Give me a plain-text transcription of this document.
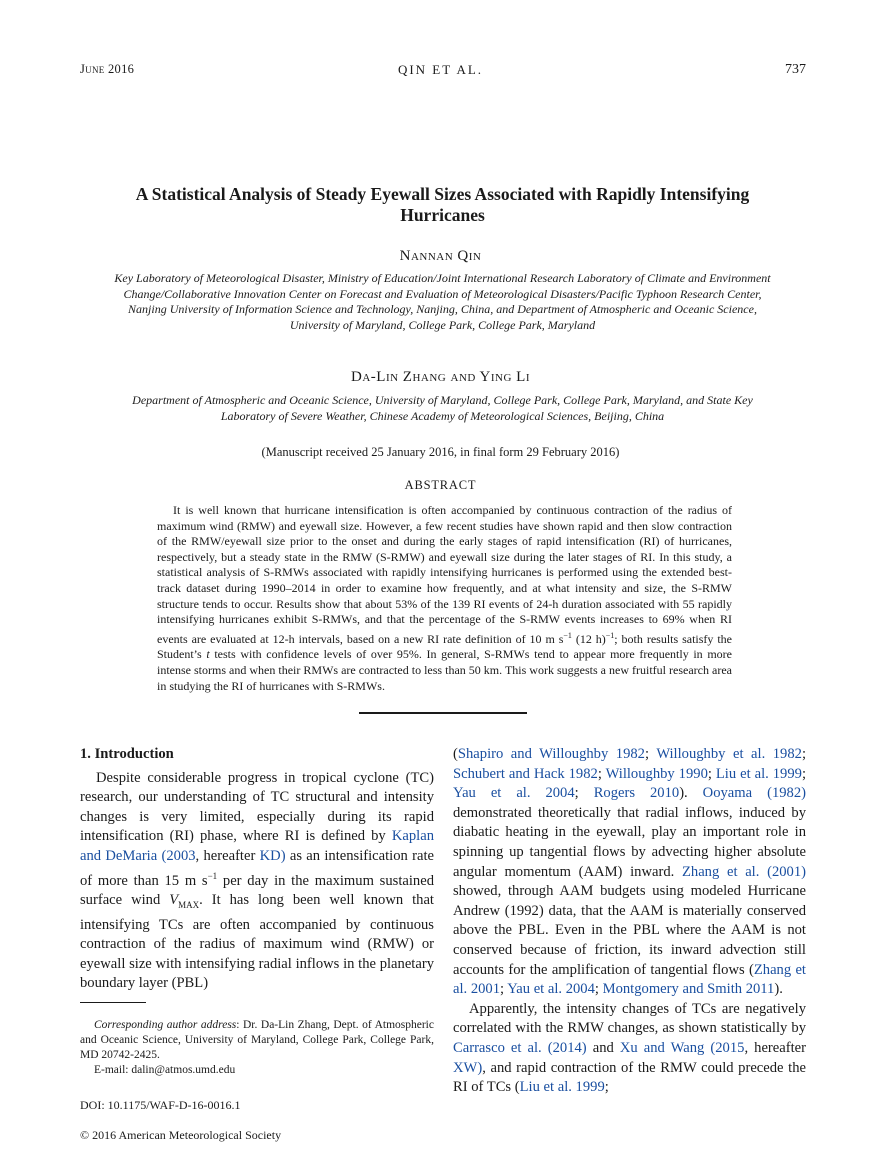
June 2016	QIN ET AL.	737
A Statistical Analysis of Steady Eyewall Sizes Associated with Rapidly Intensifying Hurricanes
Nannan Qin
Key Laboratory of Meteorological Disaster, Ministry of Education/Joint International Research Laboratory of Climate and Environment Change/Collaborative Innovation Center on Forecast and Evaluation of Meteorological Disasters/Pacific Typhoon Research Center, Nanjing University of Information Science and Technology, Nanjing, China, and Department of Atmospheric and Oceanic Science, University of Maryland, College Park, College Park, Maryland
Da-Lin Zhang and Ying Li
Department of Atmospheric and Oceanic Science, University of Maryland, College Park, College Park, Maryland, and State Key Laboratory of Severe Weather, Chinese Academy of Meteorological Sciences, Beijing, China
(Manuscript received 25 January 2016, in final form 29 February 2016)
ABSTRACT
It is well known that hurricane intensification is often accompanied by continuous contraction of the radius of maximum wind (RMW) and eyewall size. However, a few recent studies have shown rapid and then slow contraction of the RMW/eyewall size prior to the onset and during the early stages of rapid intensification (RI) of hurricanes, respectively, but a steady state in the RMW (S-RMW) and eyewall size during the later stages of RI. In this study, a statistical analysis of S-RMWs associated with rapidly intensifying hurricanes is performed using the extended best-track dataset during 1990–2014 in order to examine how frequently, and at what intensity and size, the S-RMW structure tends to occur. Results show that about 53% of the 139 RI events of 24-h duration associated with 55 rapidly intensifying hurricanes exhibit S-RMWs, and that the percentage of the S-RMW events increases to 69% when RI events are evaluated at 12-h intervals, based on a new RI rate definition of 10 m $s^{-1}$ (12 h)$^{-1}$; both results satisfy the Student’s t tests with confidence levels of over 95%. In general, S-RMWs tend to appear more frequently in more intense storms and when their RMWs are contracted to less than 50 km. This work suggests a new fruitful research area in studying the RI of hurricanes with S-RMWs.
1. Introduction

Despite considerable progress in tropical cyclone (TC) research, our understanding of TC structural and intensity changes is very limited, especially during its rapid intensification (RI) phase, where RI is defined by Kaplan and DeMaria (2003, hereafter KD) as an intensification rate of more than 15 m $s^{-1}$ per day in the maximum sustained surface wind $V_{MAX}$. It has long been well known that intensifying TCs are often accompanied by continuous contraction of the radius of maximum wind (RMW) or eyewall size with intensifying radial inflows in the planetary boundary layer (PBL)

(Shapiro and Willoughby 1982; Willoughby et al. 1982; Schubert and Hack 1982; Willoughby 1990; Liu et al. 1999; Yau et al. 2004; Rogers 2010). Ooyama (1982) demonstrated theoretically that radial inflows, induced by diabatic heating in the eyewall, play an important role in spinning up tangential flows by advecting higher absolute angular momentum (AAM) inward. Zhang et al. (2001) showed, through AAM budgets using modeled Hurricane Andrew (1992) data, that the AAM is materially conserved above the PBL. Even in the PBL where the AAM is not conserved because of friction, its inward advection still accounts for the amplification of tangential flows (Zhang et al. 2001; Yau et al. 2004; Montgomery and Smith 2011).

Apparently, the intensity changes of TCs are negatively correlated with the RMW changes, as shown statistically by Carrasco et al. (2014) and Xu and Wang (2015, hereafter XW), and rapid contraction of the RMW could precede the RI of TCs (Liu et al. 1999;

Corresponding author address: Dr. Da-Lin Zhang, Dept. of Atmospheric and Oceanic Science, University of Maryland, College Park, College Park, MD 20742-2425.

E-mail: dalin@atmos.umd.edu

DOI: 10.1175/WAF-D-16-0016.1
© 2016 American Meteorological Society
